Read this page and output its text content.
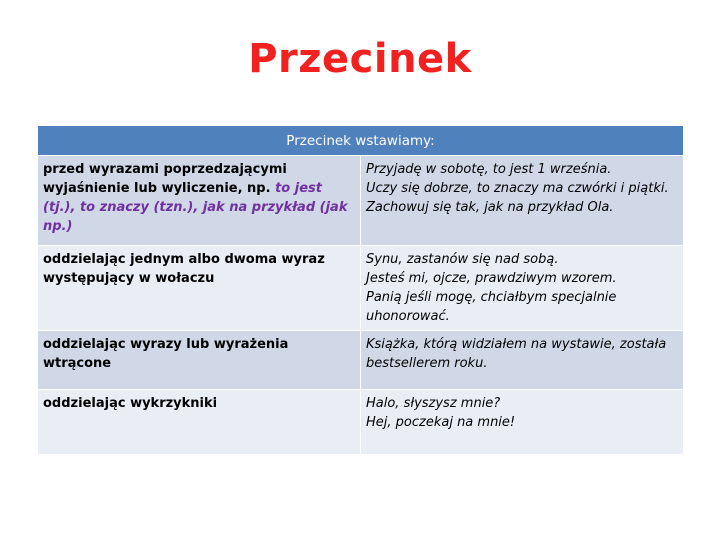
Przecinek
Przecinek wstawiamy:	
przed wyrazami poprzedzającymi wyjaśnienie lub wyliczenie, np. to jest (tj.), to znaczy (tzn.), jak na przykład (jak np.)	Przyjadę w sobotę, to jest 1 września.
Uczy się dobrze, to znaczy ma czwórki i piątki.
Zachowuj się tak, jak na przykład Ola.

oddzielając jednym albo dwoma wyraz występujący w wołaczu	Synu, zastanów się nad sobą.
Jesteś mi, ojcze, prawdziwym wzorem.
Panią jeśli mogę, chciałbym specjalnie uhonorować.

oddzielając wyrazy lub wyrażenia wtrącone	Książka, którą widziałem na wystawie, została bestsellerem roku.

oddzielając wykrzykniki	Halo, słyszysz mnie?
Hej, poczekaj na mnie!
